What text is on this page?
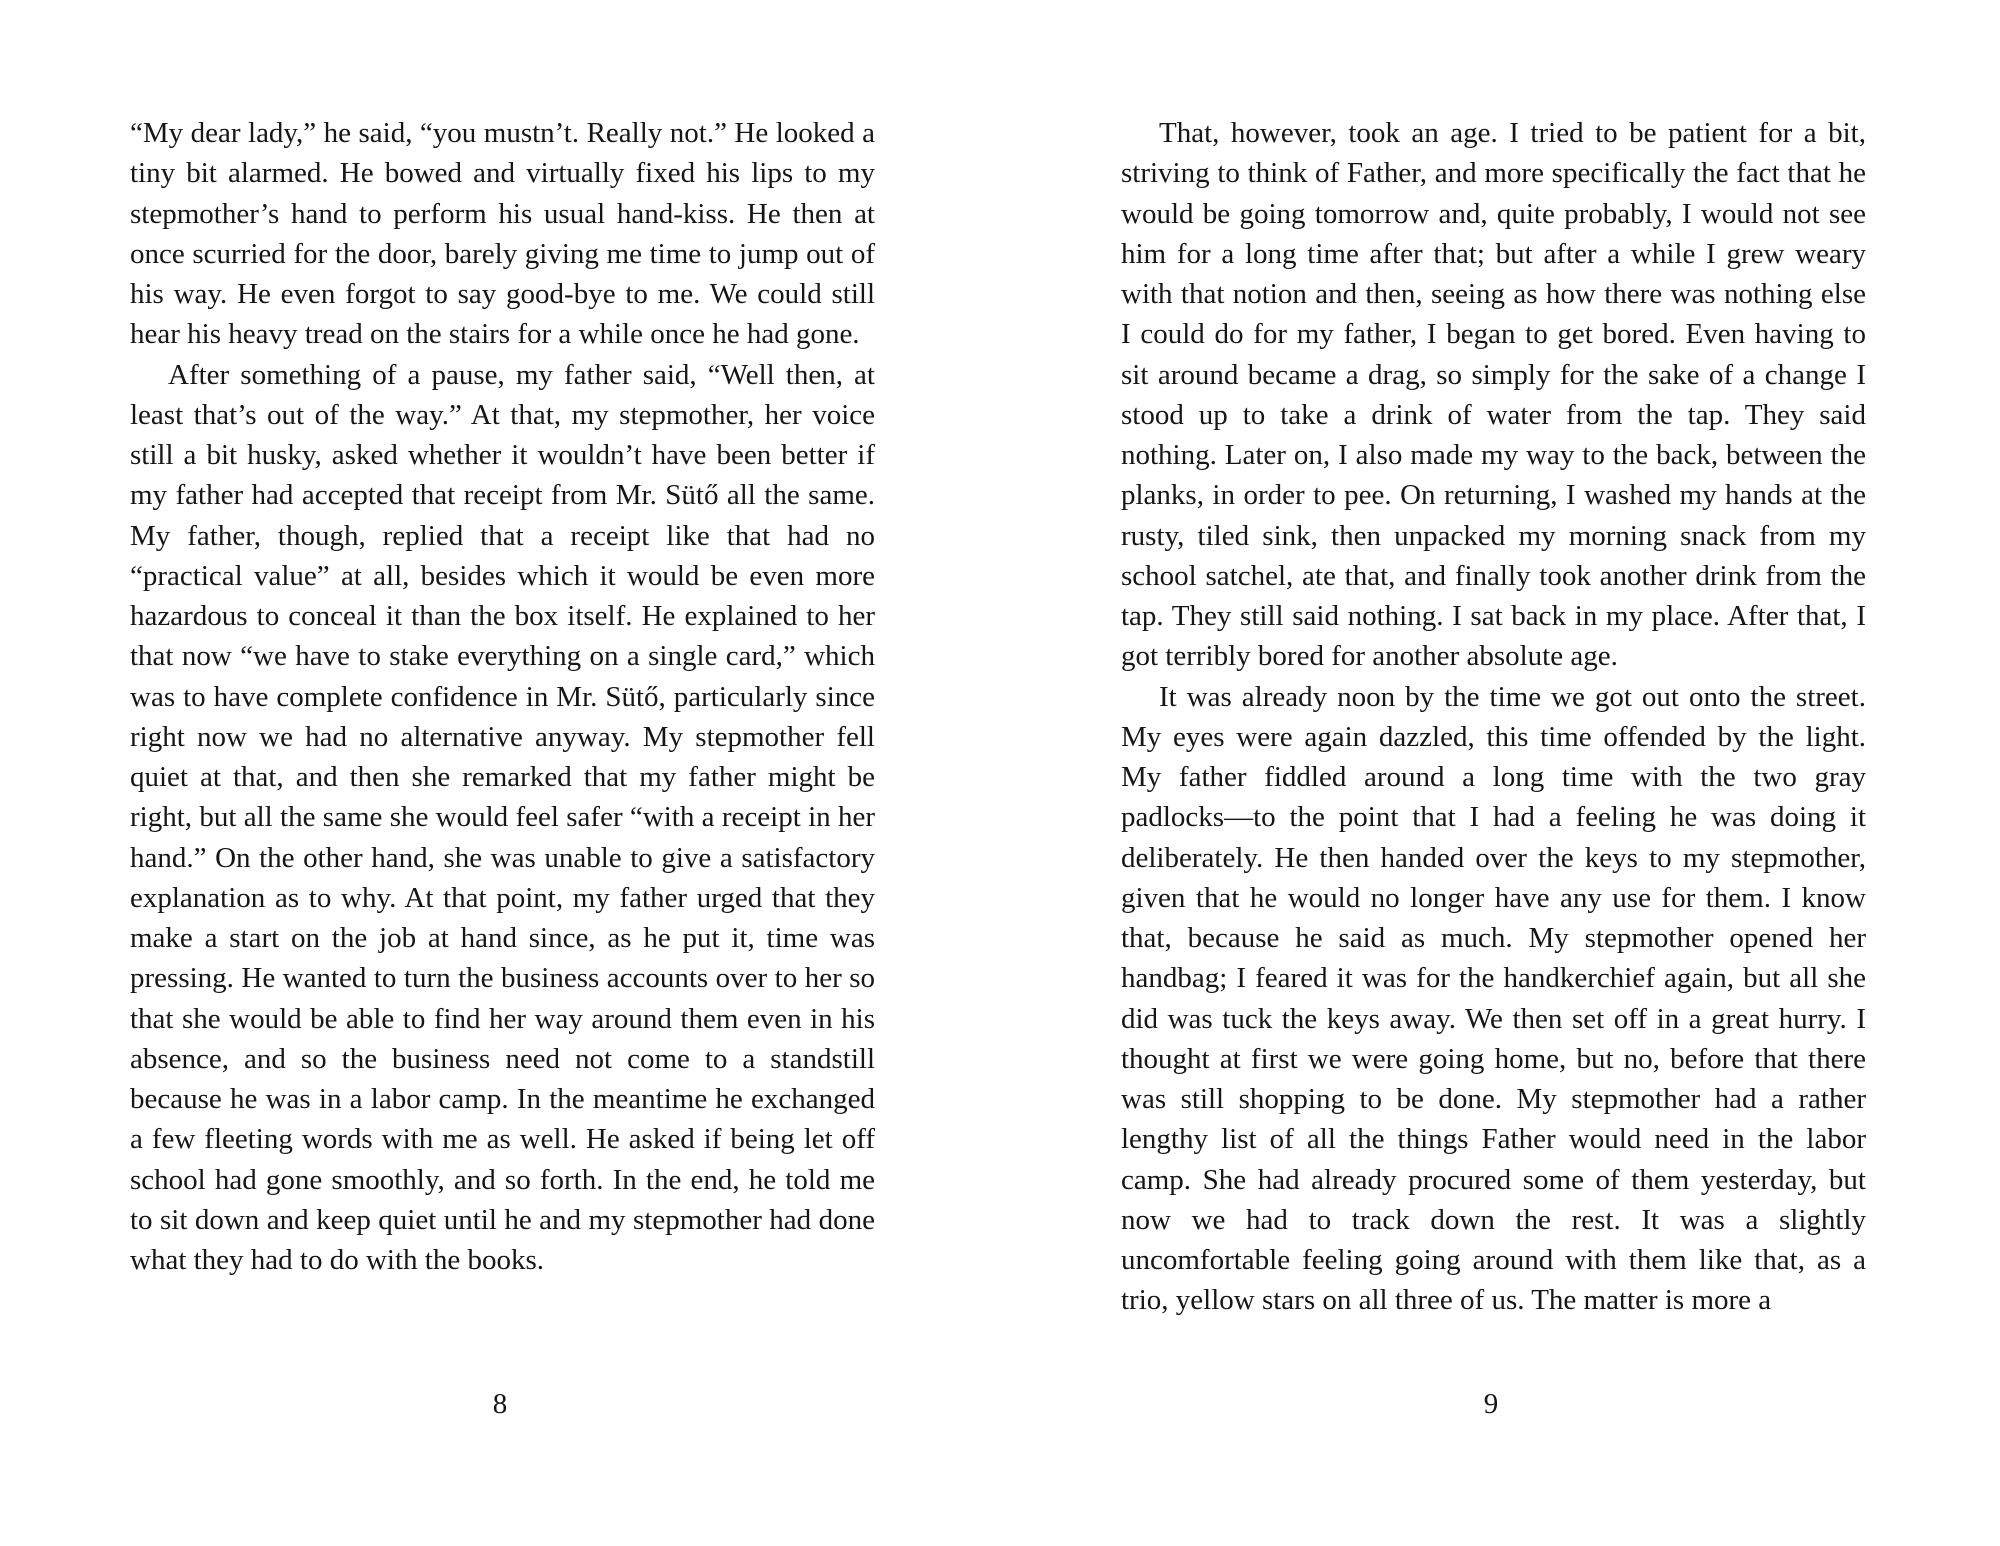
“My dear lady,” he said, “you mustn’t. Really not.” He looked a tiny bit alarmed. He bowed and virtually fixed his lips to my stepmother’s hand to perform his usual hand-kiss. He then at once scurried for the door, barely giving me time to jump out of his way. He even forgot to say good-bye to me. We could still hear his heavy tread on the stairs for a while once he had gone.

After something of a pause, my father said, “Well then, at least that’s out of the way.” At that, my stepmother, her voice still a bit husky, asked whether it wouldn’t have been better if my father had accepted that receipt from Mr. Sütő all the same. My father, though, replied that a receipt like that had no “practical value” at all, besides which it would be even more hazardous to conceal it than the box itself. He explained to her that now “we have to stake everything on a single card,” which was to have complete confidence in Mr. Sütő, particularly since right now we had no alternative anyway. My stepmother fell quiet at that, and then she remarked that my father might be right, but all the same she would feel safer “with a receipt in her hand.” On the other hand, she was unable to give a satisfactory explanation as to why. At that point, my father urged that they make a start on the job at hand since, as he put it, time was pressing. He wanted to turn the business accounts over to her so that she would be able to find her way around them even in his absence, and so the business need not come to a standstill because he was in a labor camp. In the meantime he exchanged a few fleeting words with me as well. He asked if being let off school had gone smoothly, and so forth. In the end, he told me to sit down and keep quiet until he and my stepmother had done what they had to do with the books.

8

That, however, took an age. I tried to be patient for a bit, striving to think of Father, and more specifically the fact that he would be going tomorrow and, quite probably, I would not see him for a long time after that; but after a while I grew weary with that notion and then, seeing as how there was nothing else I could do for my father, I began to get bored. Even having to sit around became a drag, so simply for the sake of a change I stood up to take a drink of water from the tap. They said nothing. Later on, I also made my way to the back, between the planks, in order to pee. On returning, I washed my hands at the rusty, tiled sink, then unpacked my morning snack from my school satchel, ate that, and finally took another drink from the tap. They still said nothing. I sat back in my place. After that, I got terribly bored for another absolute age.

It was already noon by the time we got out onto the street. My eyes were again dazzled, this time offended by the light. My father fiddled around a long time with the two gray padlocks—to the point that I had a feeling he was doing it deliberately. He then handed over the keys to my stepmother, given that he would no longer have any use for them. I know that, because he said as much. My stepmother opened her handbag; I feared it was for the handkerchief again, but all she did was tuck the keys away. We then set off in a great hurry. I thought at first we were going home, but no, before that there was still shopping to be done. My stepmother had a rather lengthy list of all the things Father would need in the labor camp. She had already procured some of them yesterday, but now we had to track down the rest. It was a slightly uncomfortable feeling going around with them like that, as a trio, yellow stars on all three of us. The matter is more a

9
